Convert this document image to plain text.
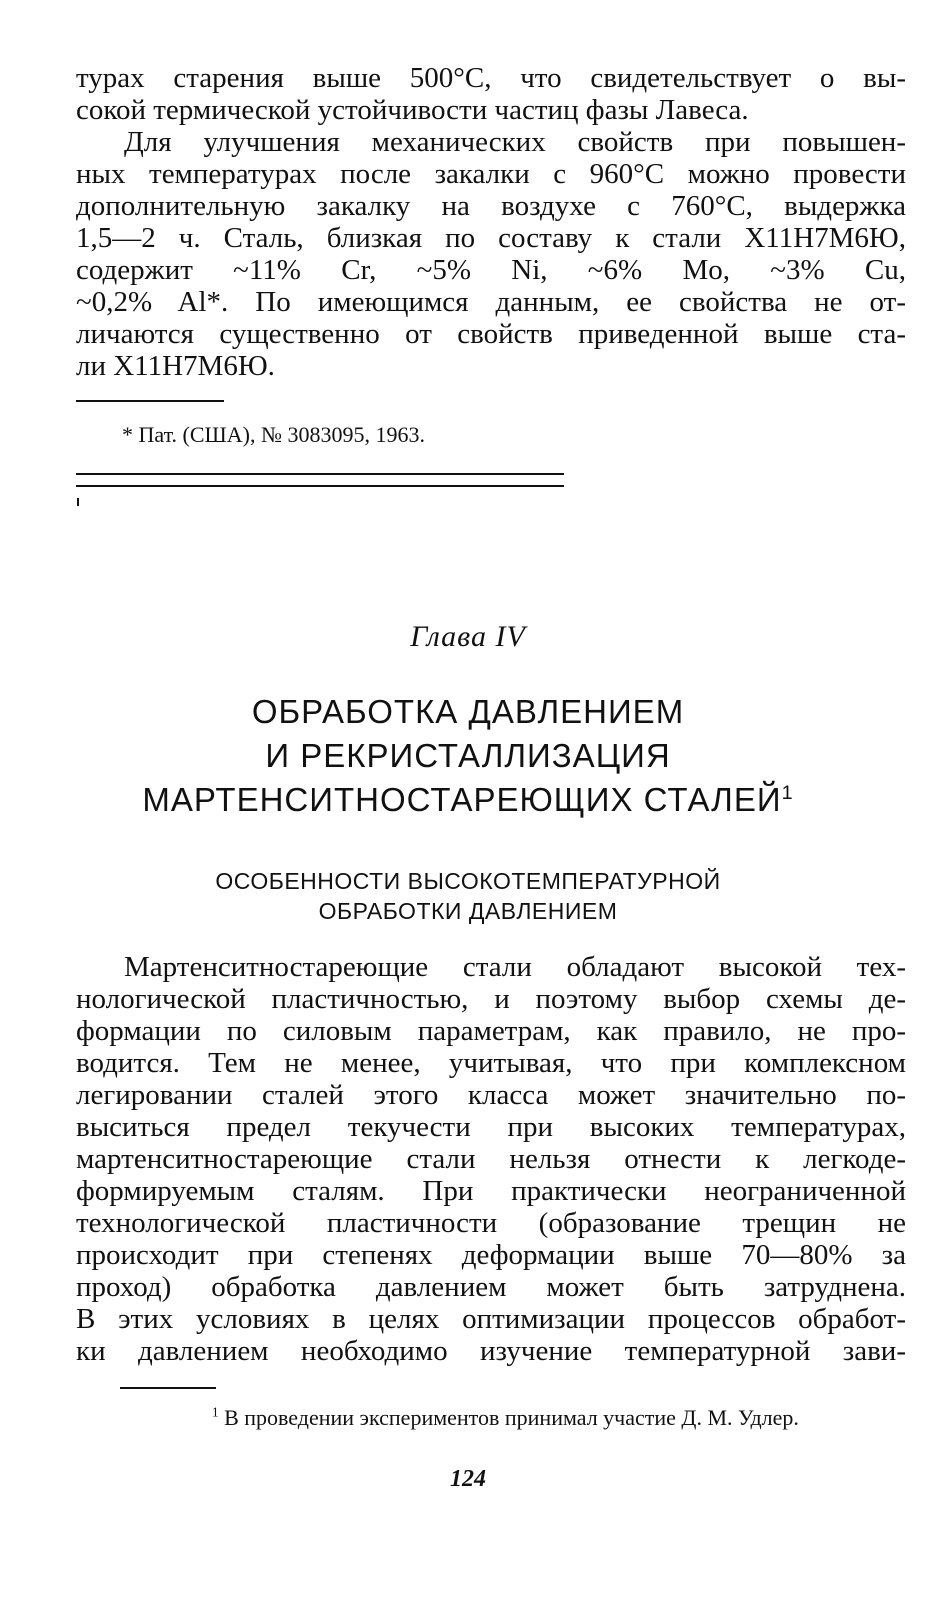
турах старения выше 500°С, что свидетельствует о вы-
сокой термической устойчивости частиц фазы Лавеса.

Для улучшения механических свойств при повышен-
ных температурах после закалки с 960°С можно провести
дополнительную закалку на воздухе с 760°С, выдержка
1,5—2 ч. Сталь, близкая по составу к стали Х11Н7М6Ю,
содержит ~11% Cr, ~5% Ni, ~6% Mo, ~3% Cu,
~0,2% Al*. По имеющимся данным, ее свойства не от-
личаются существенно от свойств приведенной выше ста-
ли Х11Н7М6Ю.

* Пат. (США), № 3083095, 1963.

Глава IV
ОБРАБОТКА ДАВЛЕНИЕМ
И РЕКРИСТАЛЛИЗАЦИЯ
МАРТЕНСИТНОСТАРЕЮЩИХ СТАЛЕЙ$^1$
ОСОБЕННОСТИ ВЫСОКОТЕМПЕРАТУРНОЙ
ОБРАБОТКИ ДАВЛЕНИЕМ

Мартенситностареющие стали обладают высокой тех-
нологической пластичностью, и поэтому выбор схемы де-
формации по силовым параметрам, как правило, не про-
водится. Тем не менее, учитывая, что при комплексном
легировании сталей этого класса может значительно по-
выситься предел текучести при высоких температурах,
мартенситностареющие стали нельзя отнести к легкоде-
формируемым сталям. При практически неограниченной
технологической пластичности (образование трещин не
происходит при степенях деформации выше 70—80% за
проход) обработка давлением может быть затруднена.
В этих условиях в целях оптимизации процессов обработ-
ки давлением необходимо изучение температурной зави-

$^1$ В проведении экспериментов принимал участие Д. М. Удлер.

124
